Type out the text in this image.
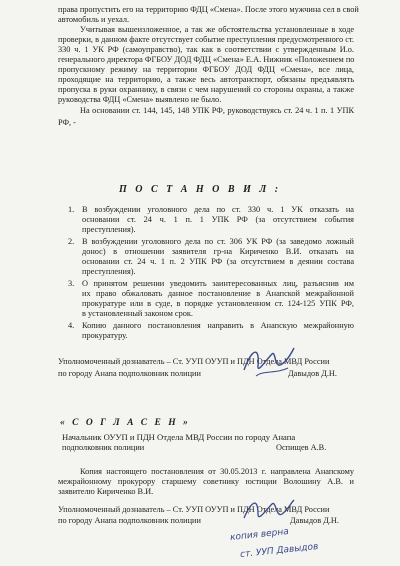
права пропустить его на территорию ФДЦ «Смена». После этого мужчина сел в свой
автомобиль и уехал.
Учитывая вышеизложенное, а так же обстоятельства установленные в ходе
проверки, в данном факте отсутствует событие преступления предусмотренного ст.
330 ч. 1 УК РФ (самоуправство), так как в соответствии с утвержденным И.о.
генерального директора ФГБОУ ДОД ФДЦ «Смена» Е.А. Нижник «Положением по
пропускному режиму на территории ФГБОУ ДОД ФДЦ «Смена», все лица,
проходящие на территорию, а также весь автотранспорт, обязаны предъявлять
пропуска в руки охраннику, в связи с чем нарушений со стороны охраны, а также
руководства ФДЦ «Смена» выявлено не было.
На основании ст. 144, 145, 148 УПК РФ, руководствуясь ст. 24 ч. 1 п. 1 УПК
РФ, -
П О С Т А Н О В И Л :
1. В возбуждении уголовного дела по ст. 330 ч. 1 УК отказать на
основании ст. 24 ч. 1 п. 1 УПК РФ (за отсутствием события
преступления).
2. В возбуждении уголовного дела по ст. 306 УК РФ (за заведомо ложный
донос) в отношении заявителя гр-на Кириченко В.И. отказать на
основании ст. 24 ч. 1 п. 2 УПК РФ (за отсутствием в деянии состава
преступления).
3. О принятом решении уведомить заинтересованных лиц, разъяснив им
их право обжаловать данное постановление в Анапской межрайонной
прокуратуре или в суде, в порядке установленном ст. 124-125 УПК РФ,
в установленный законом срок.
4. Копию данного постановления направить в Анапскую межрайонную
прокуратуру.
Уполномоченный дознаватель – Ст. УУП ОУУП и ПДН Отдела МВД России
по городу Анапа подполковник полиции	Давыдов Д.Н.
« С О Г Л А С Е Н »
Начальник ОУУП и ПДН Отдела МВД России по городу Анапа
подполковник полиции	Оспищев А.В.
Копия настоящего постановления от 30.05.2013 г. направлена Анапскому
межрайонному прокурору старшему советнику юстиции Волошину А.В. и
заявителю Кириченко В.И.
Уполномоченный дознаватель – Ст. УУП ОУУП и ПДН Отдела МВД России
по городу Анапа подполковник полиции	Давыдов Д.Н.
копия верна
ст. УУП Давыдов
